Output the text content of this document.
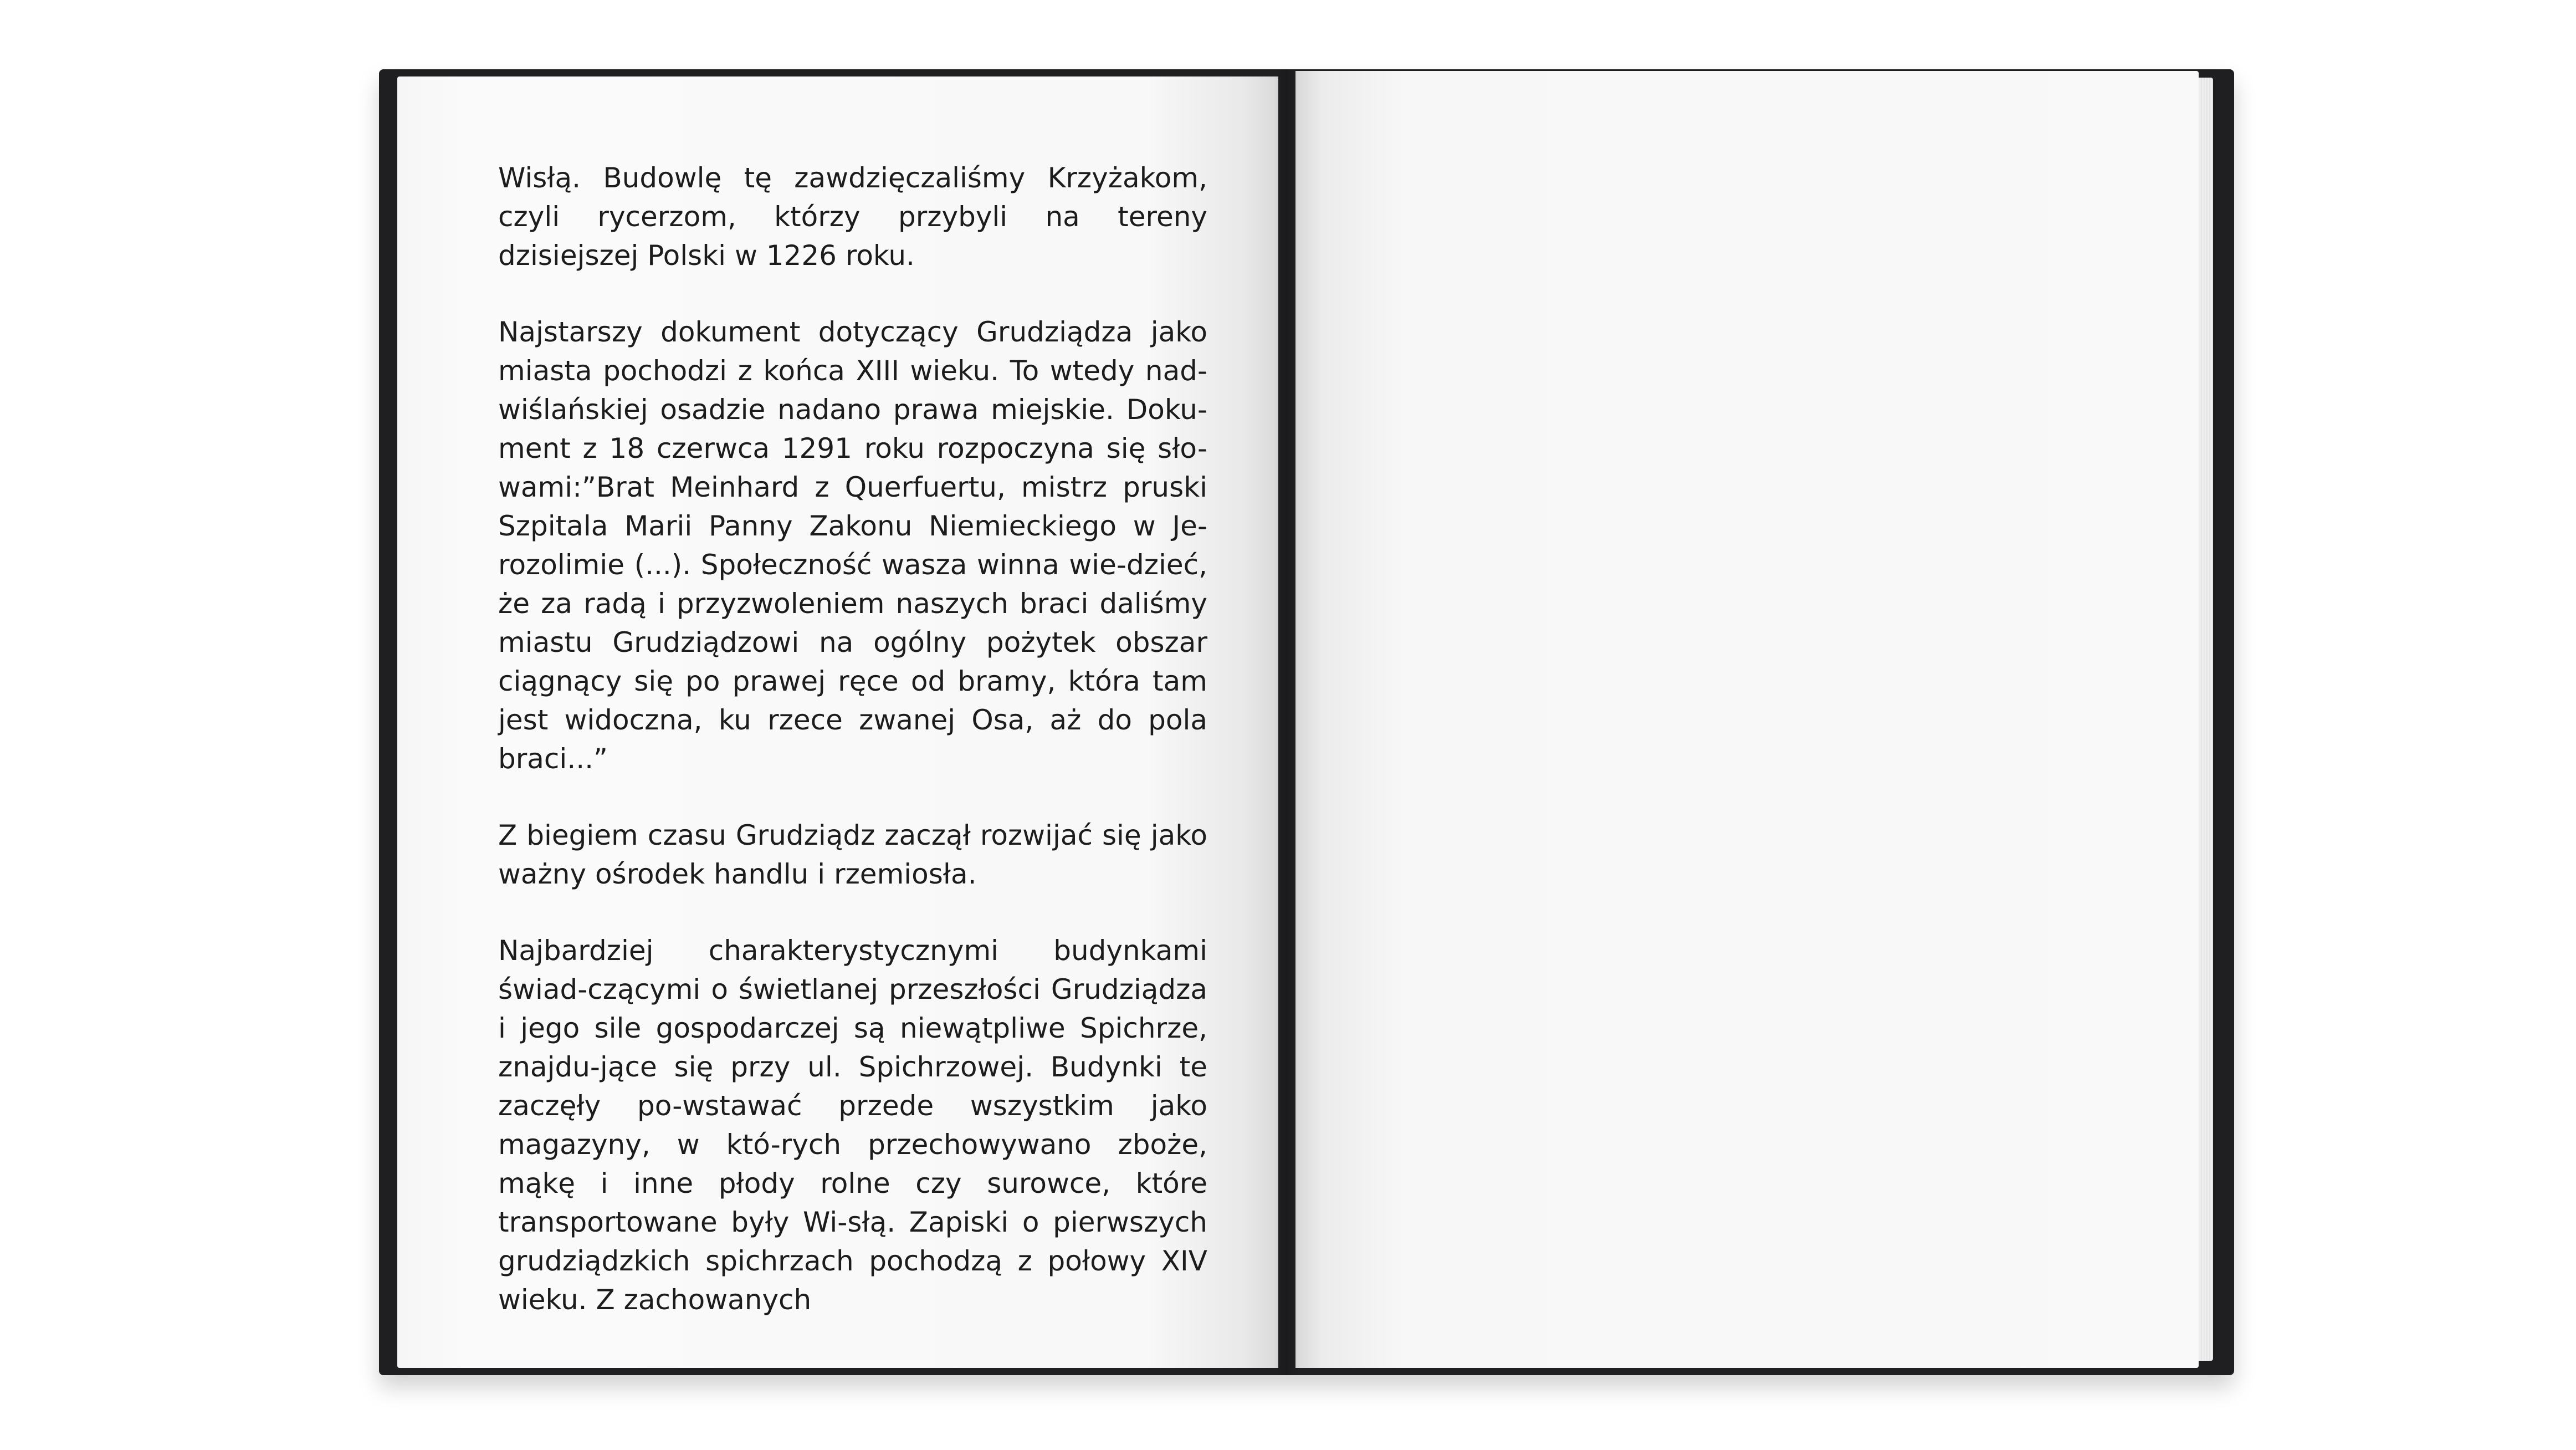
Wisłą. Budowlę tę zawdzięczaliśmy Krzyżakom, czyli rycerzom, którzy przybyli na tereny dzisiejszej Polski w 1226 roku.

Najstarszy dokument dotyczący Grudziądza jako miasta pochodzi z końca XIII wieku. To wtedy nad-wiślańskiej osadzie nadano prawa miejskie. Doku-ment z 18 czerwca 1291 roku rozpoczyna się sło-wami:”Brat Meinhard z Querfuertu, mistrz pruski Szpitala Marii Panny Zakonu Niemieckiego w Je-rozolimie (...). Społeczność wasza winna wie-dzieć, że za radą i przyzwoleniem naszych braci daliśmy miastu Grudziądzowi na ogólny pożytek obszar ciągnący się po prawej ręce od bramy, która tam jest widoczna, ku rzece zwanej Osa, aż do pola braci...”

Z biegiem czasu Grudziądz zaczął rozwijać się jako ważny ośrodek handlu i rzemiosła.

Najbardziej charakterystycznymi budynkami świad-czącymi o świetlanej przeszłości Grudziądza i jego sile gospodarczej są niewątpliwe Spichrze, znajdu-jące się przy ul. Spichrzowej. Budynki te zaczęły po-wstawać przede wszystkim jako magazyny, w któ-rych przechowywano zboże, mąkę i inne płody rolne czy surowce, które transportowane były Wi-słą. Zapiski o pierwszych grudziądzkich spichrzach pochodzą z połowy XIV wieku. Z zachowanych
